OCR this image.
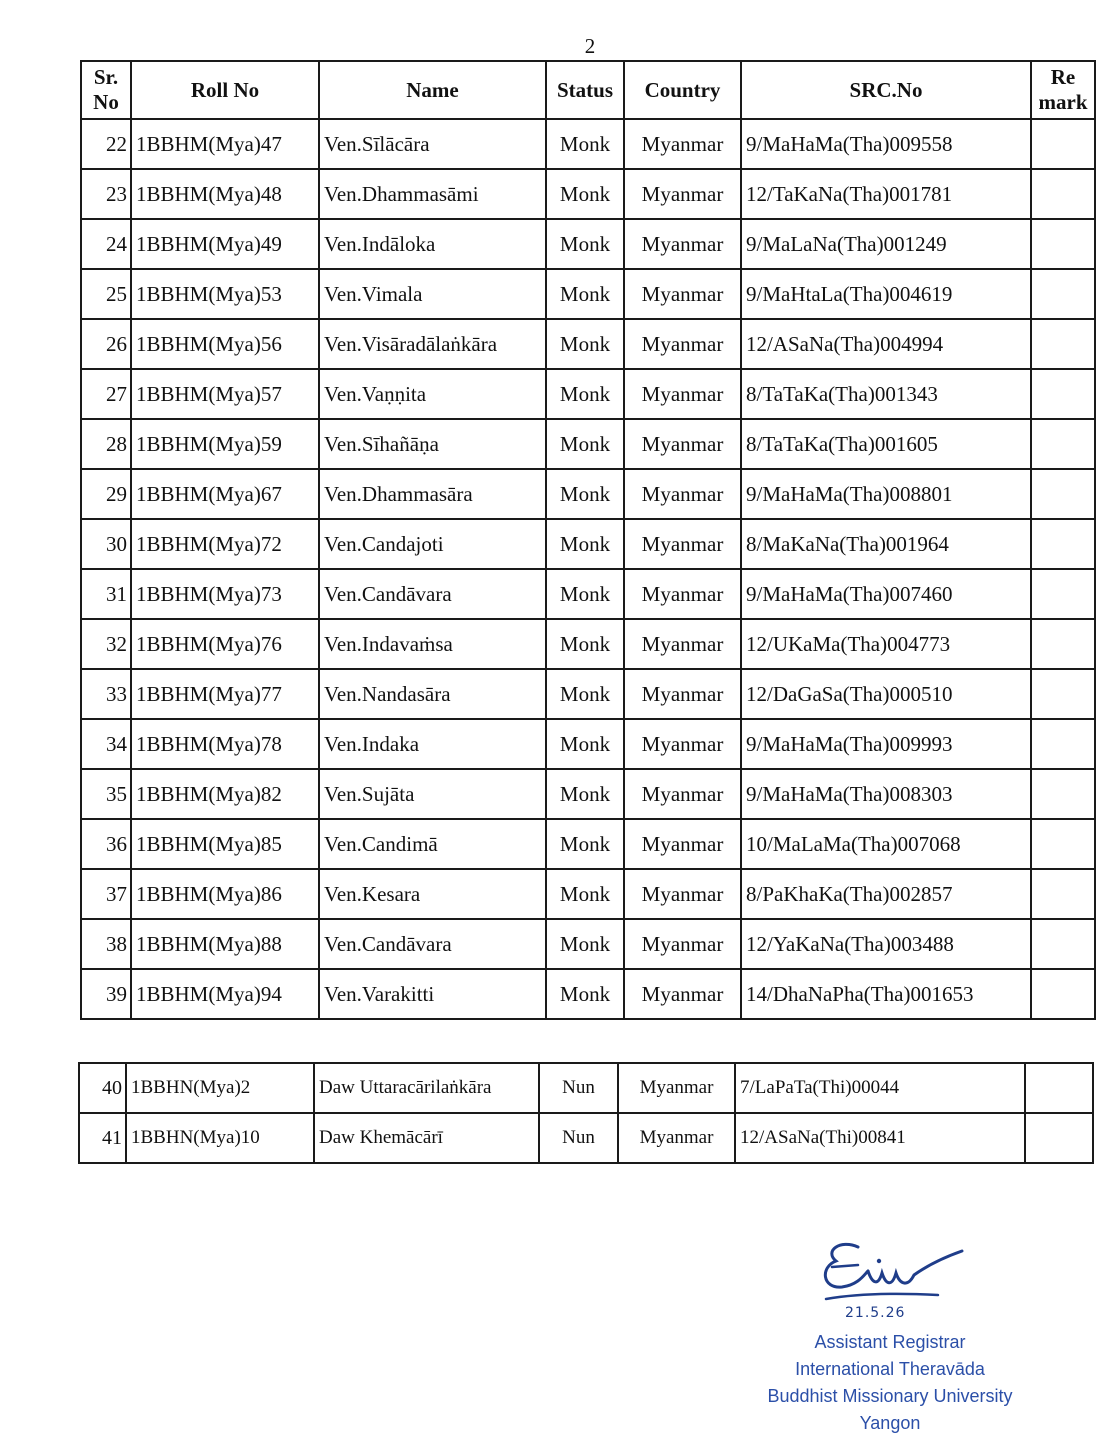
2
Sr.
No	Roll No	Name	Status	Country	SRC.No	Re
mark
22	1BBHM(Mya)47	Ven.Sīlācāra	Monk	Myanmar	9/MaHaMa(Tha)009558	
23	1BBHM(Mya)48	Ven.Dhammasāmi	Monk	Myanmar	12/TaKaNa(Tha)001781	
24	1BBHM(Mya)49	Ven.Indāloka	Monk	Myanmar	9/MaLaNa(Tha)001249	
25	1BBHM(Mya)53	Ven.Vimala	Monk	Myanmar	9/MaHtaLa(Tha)004619	
26	1BBHM(Mya)56	Ven.Visāradālaṅkāra	Monk	Myanmar	12/ASaNa(Tha)004994	
27	1BBHM(Mya)57	Ven.Vaṇṇita	Monk	Myanmar	8/TaTaKa(Tha)001343	
28	1BBHM(Mya)59	Ven.Sīhañāṇa	Monk	Myanmar	8/TaTaKa(Tha)001605	
29	1BBHM(Mya)67	Ven.Dhammasāra	Monk	Myanmar	9/MaHaMa(Tha)008801	
30	1BBHM(Mya)72	Ven.Candajoti	Monk	Myanmar	8/MaKaNa(Tha)001964	
31	1BBHM(Mya)73	Ven.Candāvara	Monk	Myanmar	9/MaHaMa(Tha)007460	
32	1BBHM(Mya)76	Ven.Indavaṁsa	Monk	Myanmar	12/UKaMa(Tha)004773	
33	1BBHM(Mya)77	Ven.Nandasāra	Monk	Myanmar	12/DaGaSa(Tha)000510	
34	1BBHM(Mya)78	Ven.Indaka	Monk	Myanmar	9/MaHaMa(Tha)009993	
35	1BBHM(Mya)82	Ven.Sujāta	Monk	Myanmar	9/MaHaMa(Tha)008303	
36	1BBHM(Mya)85	Ven.Candimā	Monk	Myanmar	10/MaLaMa(Tha)007068	
37	1BBHM(Mya)86	Ven.Kesara	Monk	Myanmar	8/PaKhaKa(Tha)002857	
38	1BBHM(Mya)88	Ven.Candāvara	Monk	Myanmar	12/YaKaNa(Tha)003488	
39	1BBHM(Mya)94	Ven.Varakitti	Monk	Myanmar	14/DhaNaPha(Tha)001653	
40	1BBHN(Mya)2	Daw Uttaracārilaṅkāra	Nun	Myanmar	7/LaPaTa(Thi)00044	
41	1BBHN(Mya)10	Daw Khemācārī	Nun	Myanmar	12/ASaNa(Thi)00841	
21.5.26
Assistant Registrar
International Theravāda
Buddhist Missionary University
Yangon
